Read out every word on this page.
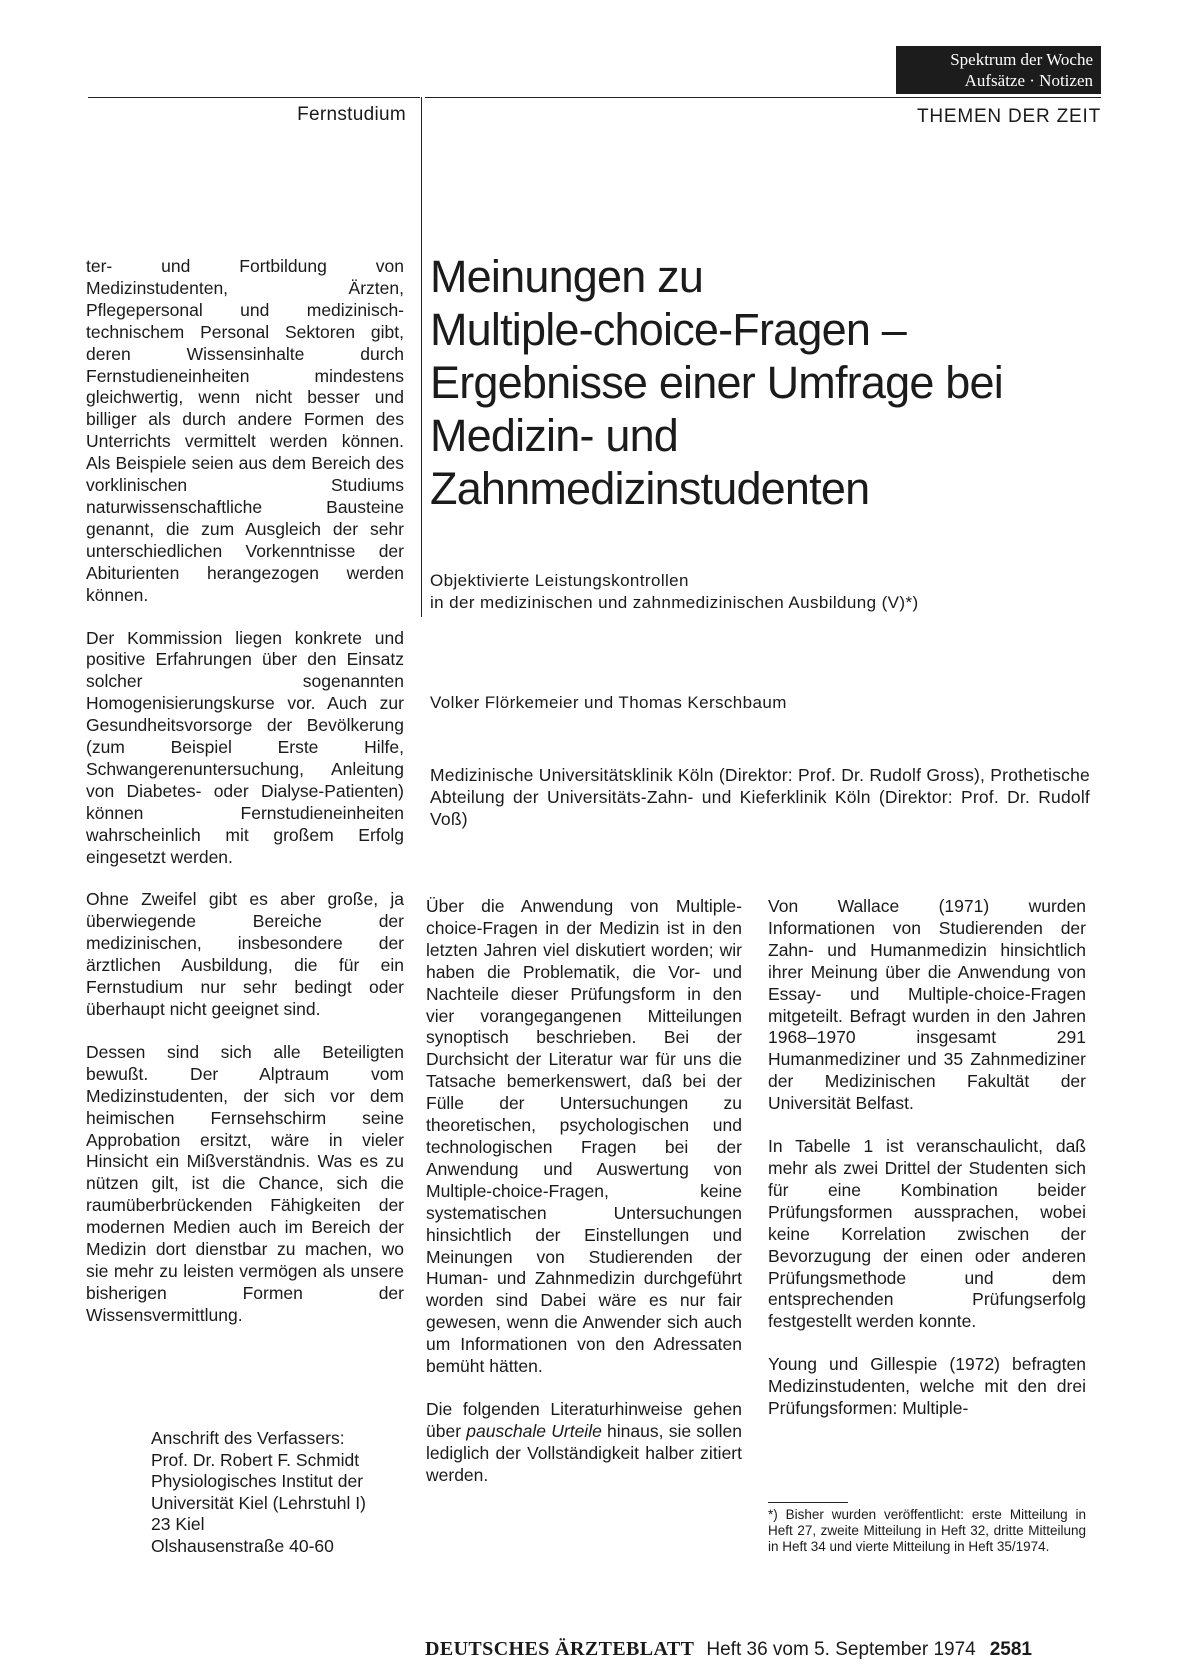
Spektrum der Woche
Aufsätze · Notizen
Fernstudium	THEMEN DER ZEIT

ter- und Fortbildung von Medizinstudenten, Ärzten, Pflegepersonal und medizinisch-technischem Personal Sektoren gibt, deren Wissensinhalte durch Fernstudieneinheiten mindestens gleichwertig, wenn nicht besser und billiger als durch andere Formen des Unterrichts vermittelt werden können. Als Beispiele seien aus dem Bereich des vorklinischen Studiums naturwissenschaftliche Bausteine genannt, die zum Ausgleich der sehr unterschiedlichen Vorkenntnisse der Abiturienten herangezogen werden können.

Der Kommission liegen konkrete und positive Erfahrungen über den Einsatz solcher sogenannten Homogenisierungskurse vor. Auch zur Gesundheitsvorsorge der Bevölkerung (zum Beispiel Erste Hilfe, Schwangerenuntersuchung, Anleitung von Diabetes- oder Dialyse-Patienten) können Fernstudieneinheiten wahrscheinlich mit großem Erfolg eingesetzt werden.

Ohne Zweifel gibt es aber große, ja überwiegende Bereiche der medizinischen, insbesondere der ärztlichen Ausbildung, die für ein Fernstudium nur sehr bedingt oder überhaupt nicht geeignet sind.

Dessen sind sich alle Beteiligten bewußt. Der Alptraum vom Medizinstudenten, der sich vor dem heimischen Fernsehschirm seine Approbation ersitzt, wäre in vieler Hinsicht ein Mißverständnis. Was es zu nützen gilt, ist die Chance, sich die raumüberbrückenden Fähigkeiten der modernen Medien auch im Bereich der Medizin dort dienstbar zu machen, wo sie mehr zu leisten vermögen als unsere bisherigen Formen der Wissensvermittlung.

Meinungen zu
Multiple-choice-Fragen –
Ergebnisse einer Umfrage bei
Medizin- und
Zahnmedizinstudenten
Objektivierte Leistungskontrollen
in der medizinischen und zahnmedizinischen Ausbildung (V)*)
Volker Flörkemeier und Thomas Kerschbaum
Medizinische Universitätsklinik Köln (Direktor: Prof. Dr. Rudolf Gross), Prothetische Abteilung der Universitäts-Zahn- und Kieferklinik Köln (Direktor: Prof. Dr. Rudolf Voß)
Anschrift des Verfassers:
Prof. Dr. Robert F. Schmidt
Physiologisches Institut der
Universität Kiel (Lehrstuhl I)
23 Kiel
Olshausenstraße 40-60

Über die Anwendung von Multiple-choice-Fragen in der Medizin ist in den letzten Jahren viel diskutiert worden; wir haben die Problematik, die Vor- und Nachteile dieser Prüfungsform in den vier vorangegangenen Mitteilungen synoptisch beschrieben. Bei der Durchsicht der Literatur war für uns die Tatsache bemerkenswert, daß bei der Fülle der Untersuchungen zu theoretischen, psychologischen und technologischen Fragen bei der Anwendung und Auswertung von Multiple-choice-Fragen, keine systematischen Untersuchungen hinsichtlich der Einstellungen und Meinungen von Studierenden der Human- und Zahnmedizin durchgeführt worden sind Dabei wäre es nur fair gewesen, wenn die Anwender sich auch um Informationen von den Adressaten bemüht hätten.

Die folgenden Literaturhinweise gehen über pauschale Urteile hinaus, sie sollen lediglich der Vollständigkeit halber zitiert werden.

Von Wallace (1971) wurden Informationen von Studierenden der Zahn- und Humanmedizin hinsichtlich ihrer Meinung über die Anwendung von Essay- und Multiple-choice-Fragen mitgeteilt. Befragt wurden in den Jahren 1968–1970 insgesamt 291 Humanmediziner und 35 Zahnmediziner der Medizinischen Fakultät der Universität Belfast.

In Tabelle 1 ist veranschaulicht, daß mehr als zwei Drittel der Studenten sich für eine Kombination beider Prüfungsformen aussprachen, wobei keine Korrelation zwischen der Bevorzugung der einen oder anderen Prüfungsmethode und dem entsprechenden Prüfungserfolg festgestellt werden konnte.

Young und Gillespie (1972) befragten Medizinstudenten, welche mit den drei Prüfungsformen: Multiple-

*) Bisher wurden veröffentlicht: erste Mitteilung in Heft 27, zweite Mitteilung in Heft 32, dritte Mitteilung in Heft 34 und vierte Mitteilung in Heft 35/1974.
DEUTSCHES ÄRZTEBLATT Heft 36 vom 5. September 1974 2581
